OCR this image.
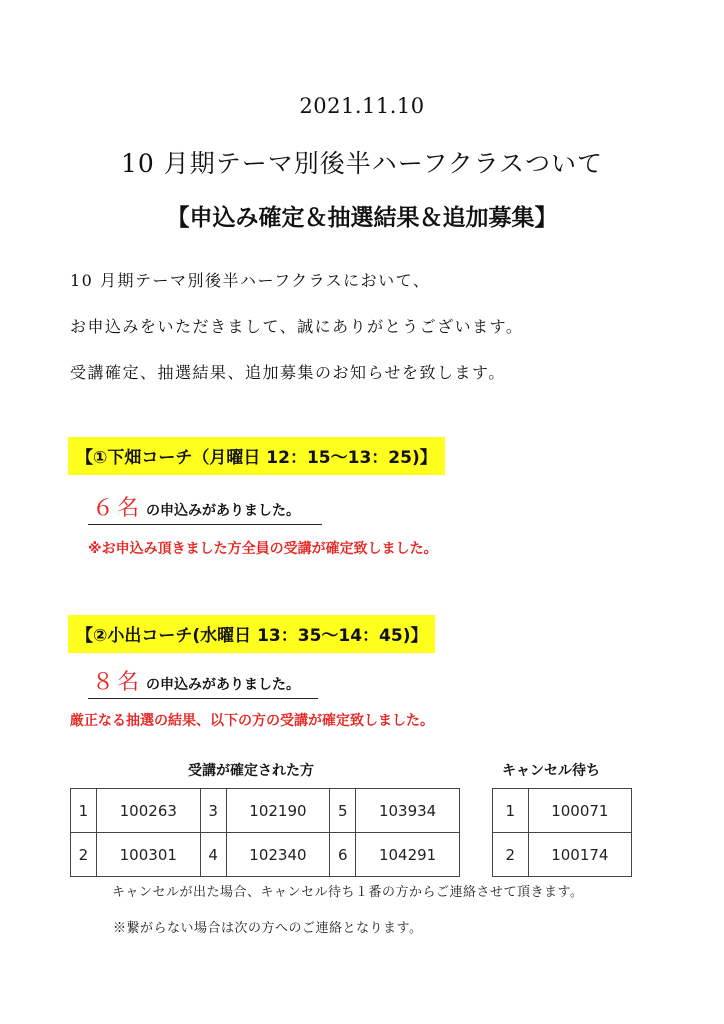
2021.11.10
10 月期テーマ別後半ハーフクラスついて
【申込み確定＆抽選結果＆追加募集】
10 月期テーマ別後半ハーフクラスにおいて、
お申込みをいただきまして、誠にありがとうございます。
受講確定、抽選結果、追加募集のお知らせを致します。
【①下畑コーチ（月曜日 12：15〜13：25)】
６名 の申込みがありました。
※お申込み頂きました方全員の受講が確定致しました。
【②小出コーチ(水曜日 13：35〜14：45)】
８名 の申込みがありました。
厳正なる抽選の結果、以下の方の受講が確定致しました。
受講が確定された方	キャンセル待ち
1	100263	3	102190	5	103934
2	100301	4	102340	6	104291
1	100071
2	100174
キャンセルが出た場合、キャンセル待ち１番の方からご連絡させて頂きます。
※繋がらない場合は次の方へのご連絡となります。
